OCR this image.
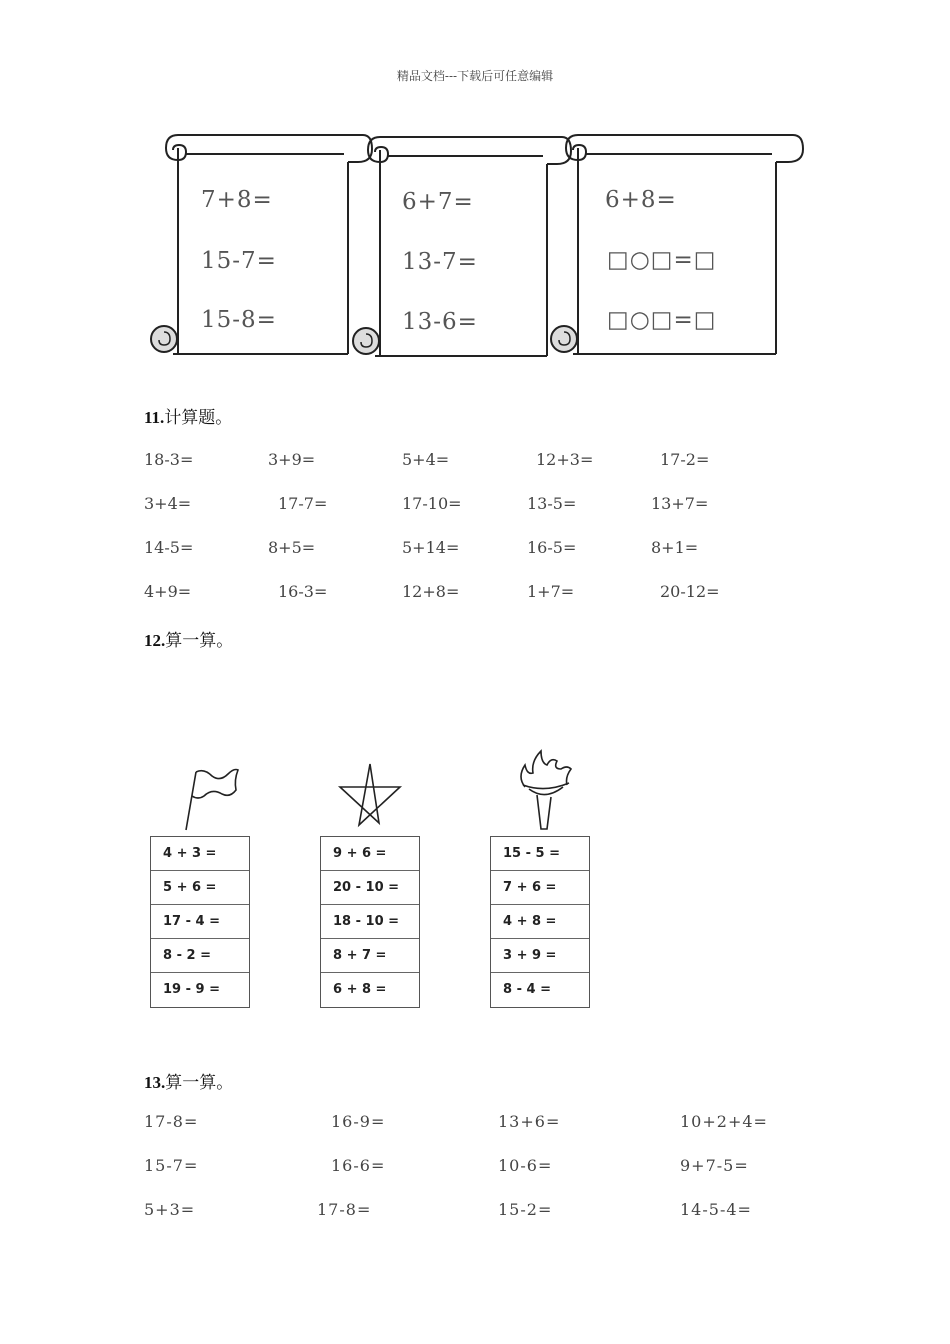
精品文档---下载后可任意编辑
7+8=
15-7=
15-8=
6+7=
13-7=
13-6=
6+8=
□○□=□
□○□=□
11.计算题。
18-3=	3+9=	5+4=	12+3=	17-2=
3+4=	17-7=	17-10=	13-5=	13+7=
14-5=	8+5=	5+14=	16-5=	8+1=
4+9=	16-3=	12+8=	1+7=	20-12=
12.算一算。
4 + 3 =
5 + 6 =
17 - 4 =
8 - 2 =
19 - 9 =
9 + 6 =
20 - 10 =
18 - 10 =
8 + 7 =
6 + 8 =
15 - 5 =
7 + 6 =
4 + 8 =
3 + 9 =
8 - 4 =
13.算一算。
17-8=	16-9=	13+6=	10+2+4=
15-7=	16-6=	10-6=	9+7-5=
5+3=	17-8=	15-2=	14-5-4=
